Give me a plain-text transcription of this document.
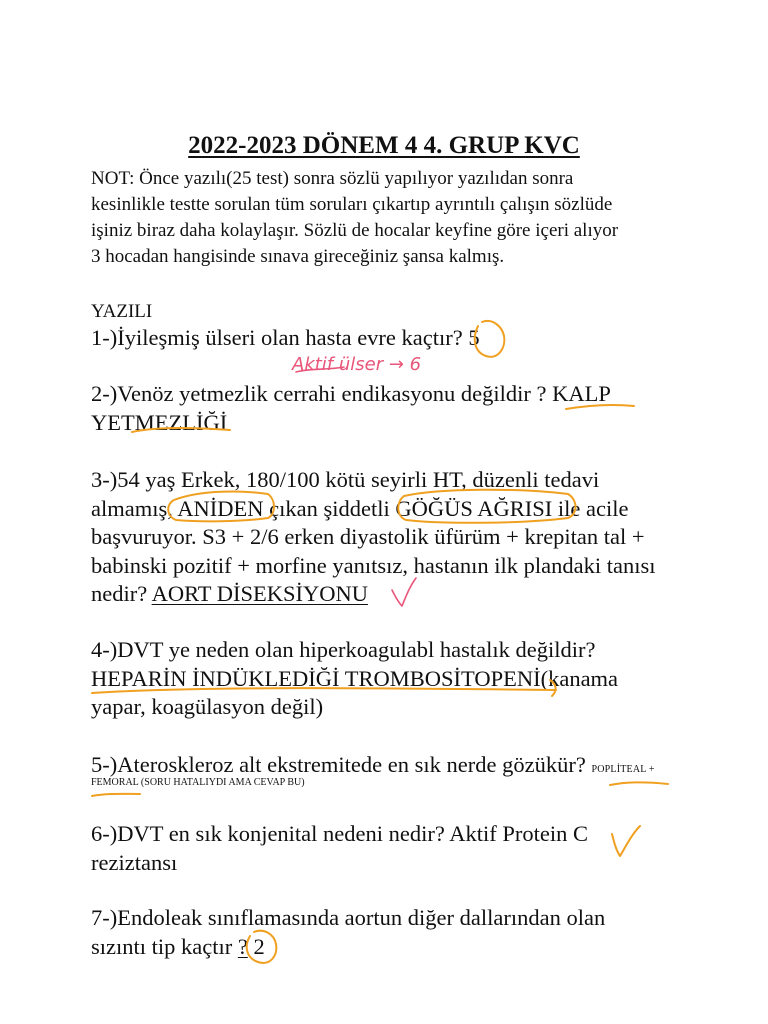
2022-2023 DÖNEM 4 4. GRUP KVC
NOT: Önce yazılı(25 test) sonra sözlü yapılıyor yazılıdan sonra
kesinlikle testte sorulan tüm soruları çıkartıp ayrıntılı çalışın sözlüde
işiniz biraz daha kolaylaşır. Sözlü de hocalar keyfine göre içeri alıyor
3 hocadan hangisinde sınava gireceğiniz şansa kalmış.
YAZILI
1-)İyileşmiş ülseri olan hasta evre kaçtır? 5
2-)Venöz yetmezlik cerrahi endikasyonu değildir ? KALP
YETMEZLİĞİ
3-)54 yaş Erkek, 180/100 kötü seyirli HT, düzenli tedavi
almamış, ANİDEN çıkan şiddetli GÖĞÜS AĞRISI ile acile
başvuruyor. S3 + 2/6 erken diyastolik üfürüm + krepitan tal +
babinski pozitif + morfine yanıtsız, hastanın ilk plandaki tanısı
nedir? AORT DİSEKSİYONU
4-)DVT ye neden olan hiperkoagulabl hastalık değildir?
HEPARİN İNDÜKLEDİĞİ TROMBOSİTOPENİ(kanama
yapar, koagülasyon değil)
5-)Ateroskleroz alt ekstremitede en sık nerde gözükür? POPLİTEAL +
FEMORAL (SORU HATALIYDI AMA CEVAP BU)
6-)DVT en sık konjenital nedeni nedir? Aktif Protein C
reziztansı
7-)Endoleak sınıflamasında aortun diğer dallarından olan
sızıntı tip kaçtır ? 2
Aktif ülser → 6
